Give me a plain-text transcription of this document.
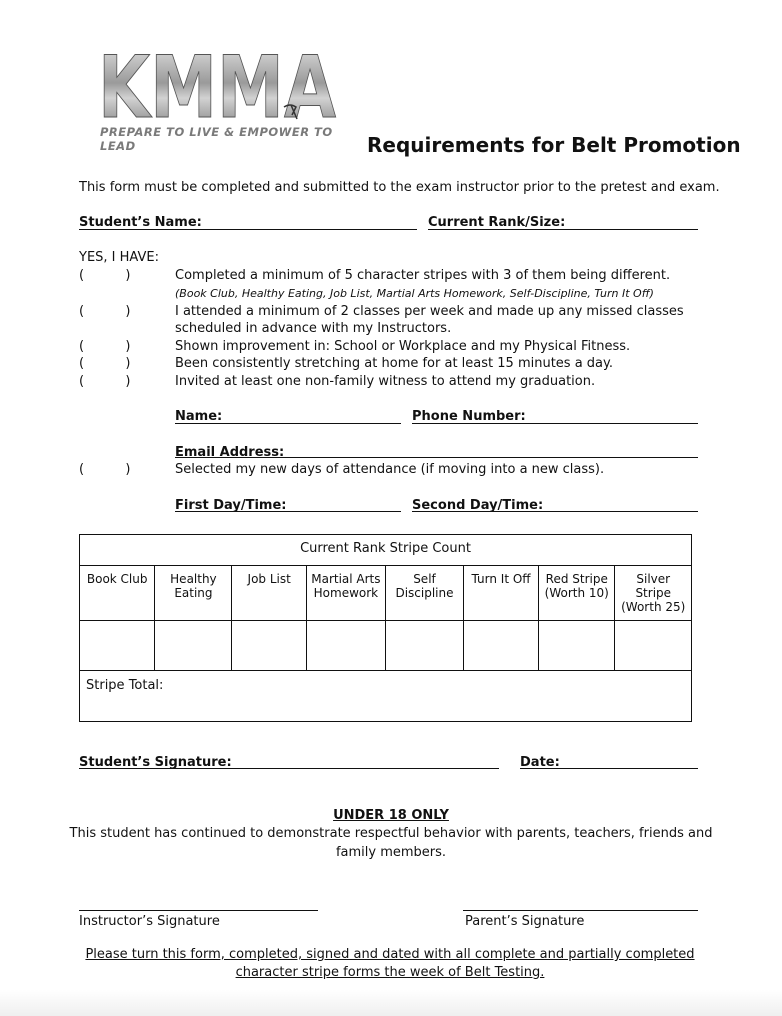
KMMA
PREPARE TO LIVE & EMPOWER TO LEAD	Requirements for Belt Promotion
This form must be completed and submitted to the exam instructor prior to the pretest and exam.
Student’s Name:	Current Rank/Size:
YES, I HAVE:
(          )	Completed a minimum of 5 character stripes with 3 of them being different.
(Book Club, Healthy Eating, Job List, Martial Arts Homework, Self-Discipline, Turn It Off)
(          )	I attended a minimum of 2 classes per week and made up any missed classes
scheduled in advance with my Instructors.
(          )	Shown improvement in: School or Workplace and my Physical Fitness.
(          )	Been consistently stretching at home for at least 15 minutes a day.
(          )	Invited at least one non-family witness to attend my graduation.
Name:	Phone Number:
Email Address:
(          )	Selected my new days of attendance (if moving into a new class).
First Day/Time:	Second Day/Time:
Current Rank Stripe Count							
Book Club	Healthy Eating	Job List	Martial Arts Homework	Self Discipline	Turn It Off	Red Stripe (Worth 10)	Silver Stripe (Worth 25)

Stripe Total:							
Student’s Signature:	Date:
UNDER 18 ONLY
This student has continued to demonstrate respectful behavior with parents, teachers, friends and
family members.
Instructor’s Signature	Parent’s Signature
Please turn this form, completed, signed and dated with all complete and partially completed
character stripe forms the week of Belt Testing.
